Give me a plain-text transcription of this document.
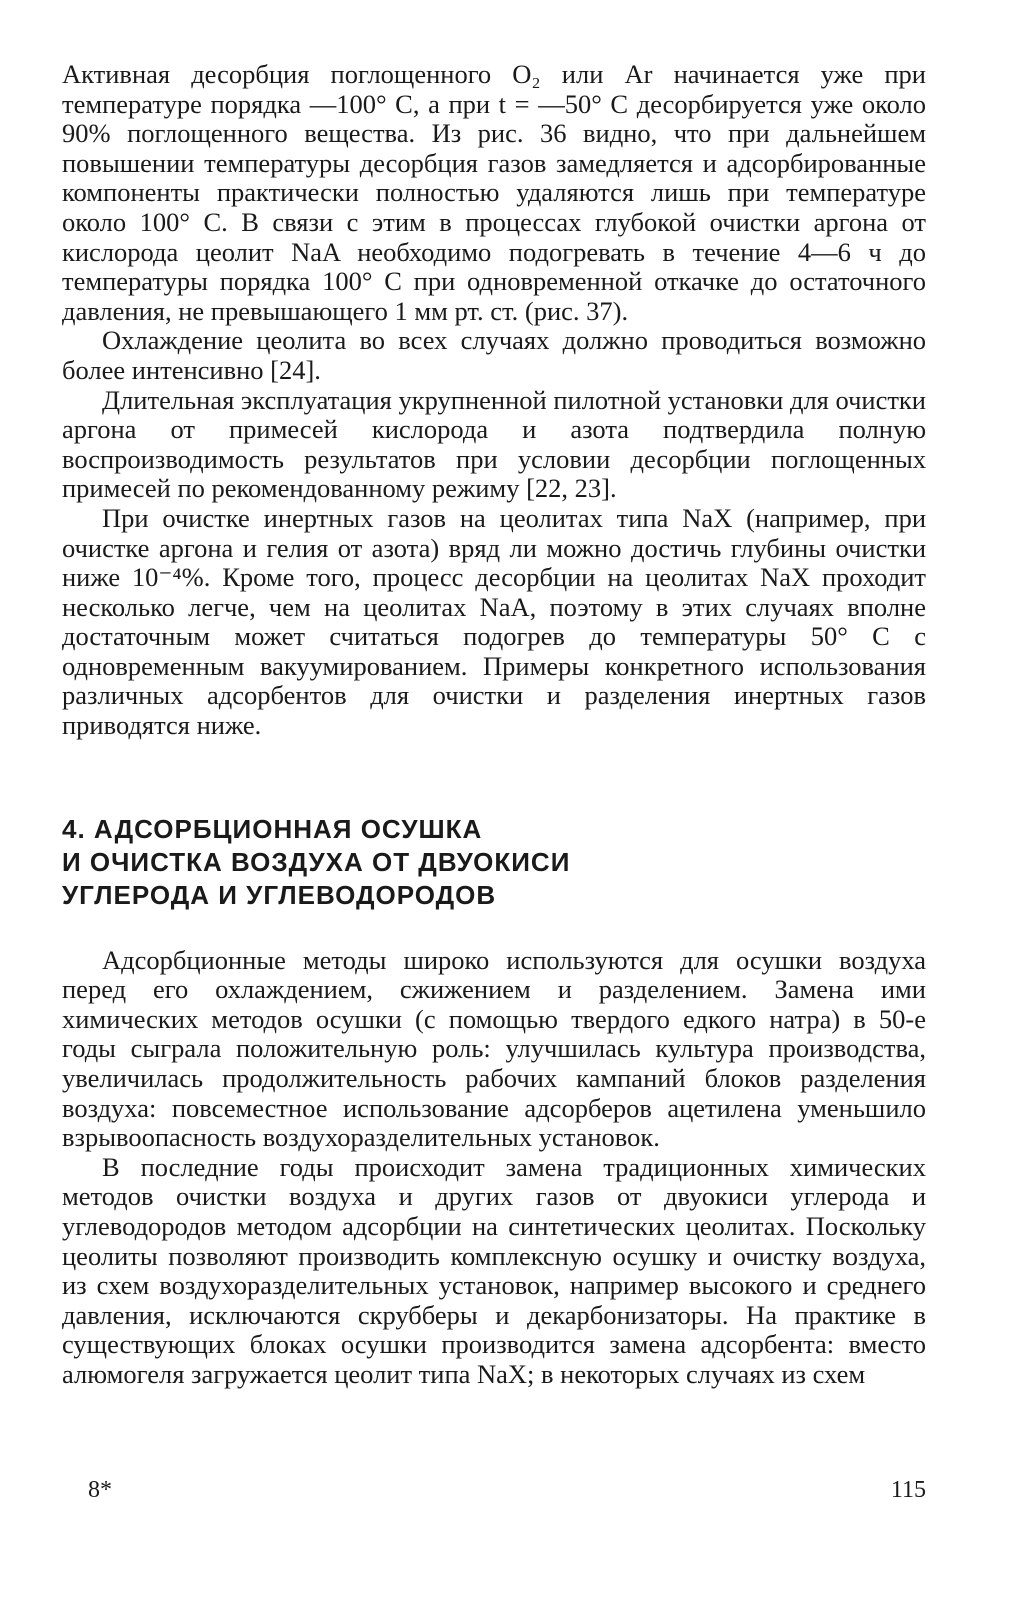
Активная десорбция поглощенного O₂ или Ar начинается уже при температуре порядка —100° C, а при t = —50° C десорбируется уже около 90% поглощенного вещества. Из рис. 36 видно, что при дальнейшем повышении температуры десорбция газов замедляется и адсорбированные компоненты практически полностью удаляются лишь при температуре около 100° C. В связи с этим в процессах глубокой очистки аргона от кислорода цеолит NaA необходимо подогревать в течение 4—6 ч до температуры порядка 100° C при одновременной откачке до остаточного давления, не превышающего 1 мм рт. ст. (рис. 37).

Охлаждение цеолита во всех случаях должно проводиться возможно более интенсивно [24].

Длительная эксплуатация укрупненной пилотной установки для очистки аргона от примесей кислорода и азота подтвердила полную воспроизводимость результатов при условии десорбции поглощенных примесей по рекомендованному режиму [22, 23].

При очистке инертных газов на цеолитах типа NaX (например, при очистке аргона и гелия от азота) вряд ли можно достичь глубины очистки ниже 10⁻⁴%. Кроме того, процесс десорбции на цеолитах NaX проходит несколько легче, чем на цеолитах NaA, поэтому в этих случаях вполне достаточным может считаться подогрев до температуры 50° C с одновременным вакуумированием. Примеры конкретного использования различных адсорбентов для очистки и разделения инертных газов приводятся ниже.

4. АДСОРБЦИОННАЯ ОСУШКА
И ОЧИСТКА ВОЗДУХА ОТ ДВУОКИСИ
УГЛЕРОДА И УГЛЕВОДОРОДОВ

Адсорбционные методы широко используются для осушки воздуха перед его охлаждением, сжижением и разделением. Замена ими химических методов осушки (с помощью твердого едкого натра) в 50-е годы сыграла положительную роль: улучшилась культура производства, увеличилась продолжительность рабочих кампаний блоков разделения воздуха: повсеместное использование адсорберов ацетилена уменьшило взрывоопасность воздухоразделительных установок.

В последние годы происходит замена традиционных химических методов очистки воздуха и других газов от двуокиси углерода и углеводородов методом адсорбции на синтетических цеолитах. Поскольку цеолиты позволяют производить комплексную осушку и очистку воздуха, из схем воздухоразделительных установок, например высокого и среднего давления, исключаются скрубберы и декарбонизаторы. На практике в существующих блоках осушки производится замена адсорбента: вместо алюмогеля загружается цеолит типа NaX; в некоторых случаях из схем

8*	115
